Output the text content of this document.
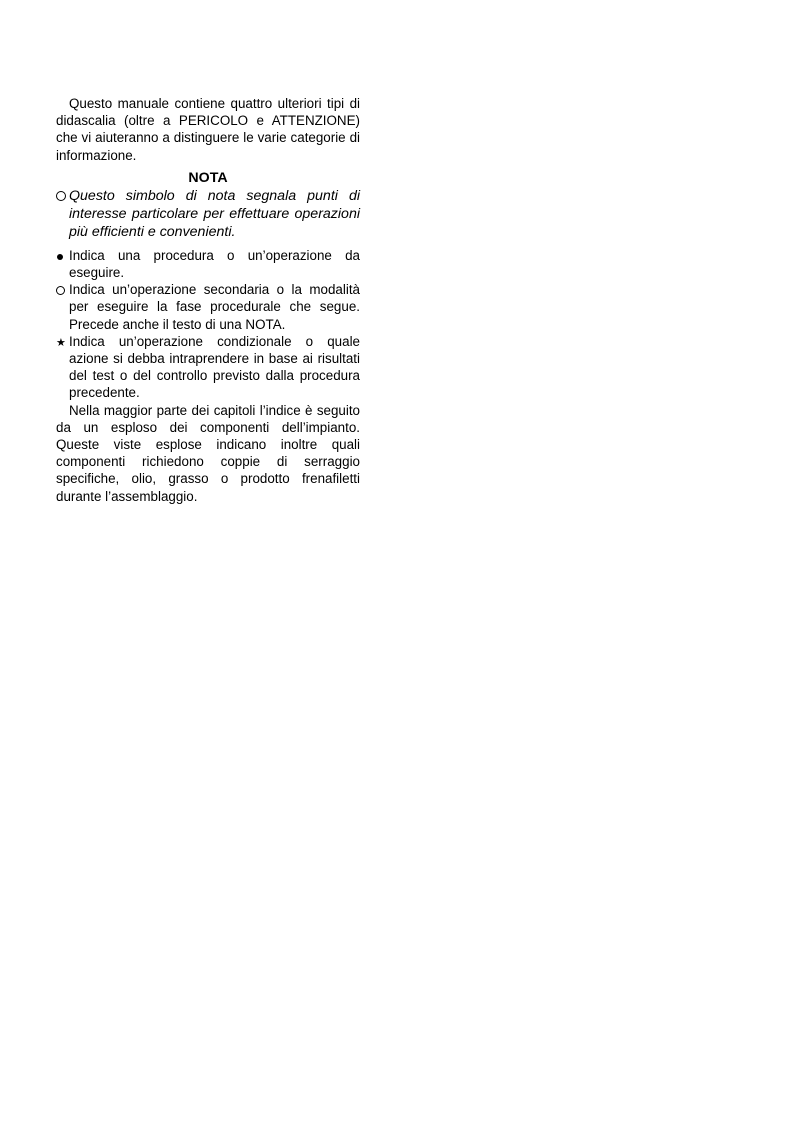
Questo manuale contiene quattro ulteriori tipi di didascalia (oltre a PERICOLO e ATTENZIONE) che vi aiuteranno a distinguere le varie categorie di informazione.

NOTA

Questo simbolo di nota segnala punti di interesse particolare per effettuare operazioni più efficienti e convenienti.

Indica una procedura o un’operazione da eseguire.

Indica un’operazione secondaria o la modalità per eseguire la fase procedurale che segue. Precede anche il testo di una NOTA.

★ Indica un’operazione condizionale o quale azione si debba intraprendere in base ai risultati del test o del controllo previsto dalla procedura precedente.

Nella maggior parte dei capitoli l’indice è seguito da un esploso dei componenti dell’impianto. Queste viste esplose indicano inoltre quali componenti richiedono coppie di serraggio specifiche, olio, grasso o prodotto frenafiletti durante l’assemblaggio.
